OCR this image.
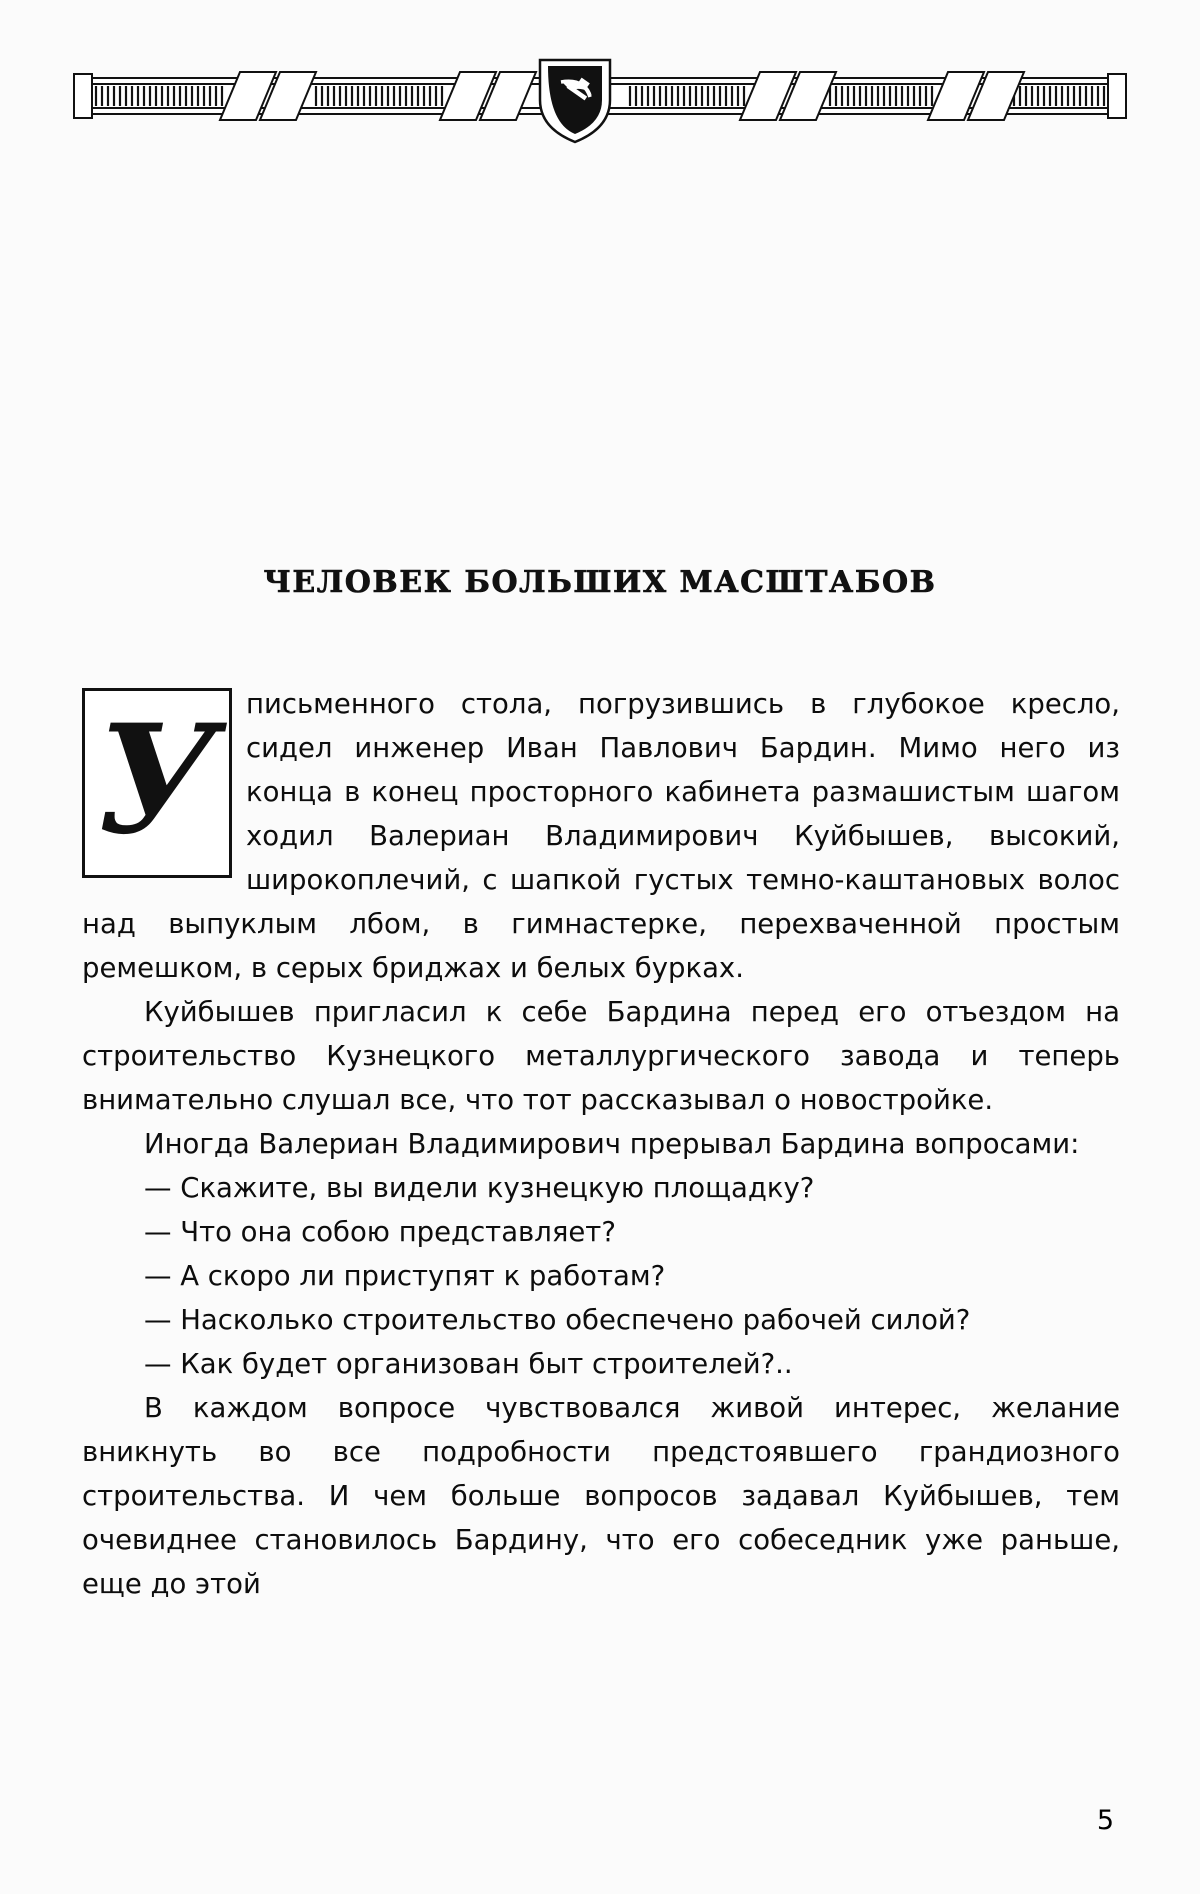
ЧЕЛОВЕК БОЛЬШИХ МАСШТАБОВ
У	письменного стола, погрузившись в глубокое кресло, сидел инженер Иван Павлович Бардин. Мимо него из конца в конец просторного кабинета размашистым шагом ходил Валериан Владимирович Куйбышев, высокий, широкоплечий, с шапкой густых темно-каштановых волос над выпуклым лбом, в гимнастерке, перехваченной простым ремешком, в серых бриджах и белых бурках.

Куйбышев пригласил к себе Бардина перед его отъездом на строительство Кузнецкого металлургического завода и теперь внимательно слушал все, что тот рассказывал о новостройке.

Иногда Валериан Владимирович прерывал Бардина вопросами:

— Скажите, вы видели кузнецкую площадку?

— Что она собою представляет?

— А скоро ли приступят к работам?

— Насколько строительство обеспечено рабочей силой?

— Как будет организован быт строителей?..

В каждом вопросе чувствовался живой интерес, желание вникнуть во все подробности предстоявшего грандиозного строительства. И чем больше вопросов задавал Куйбышев, тем очевиднее становилось Бардину, что его собеседник уже раньше, еще до этой

5
